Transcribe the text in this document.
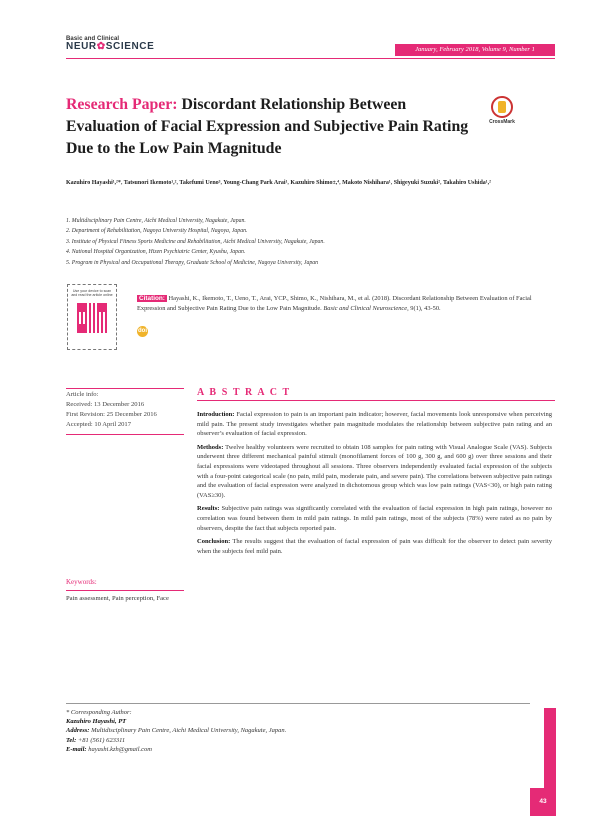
Basic and Clinical
NEUR✿SCIENCE	January, February 2018, Volume 9, Number 1
Research Paper: Discordant Relationship Between Evaluation of Facial Expression and Subjective Pain Rating Due to the Low Pain Magnitude
CrossMark
Kazuhiro Hayashi¹,²*, Tatsunori Ikemoto¹,², Takefumi Ueno³, Young-Chang Park Arai¹, Kazuhiro Shimo±,⁴, Makoto Nishihara¹, Shigeyuki Suzuki², Takahiro Ushida¹,²
1. Multidisciplinary Pain Centre, Aichi Medical University, Nagakute, Japan.
2. Department of Rehabilitation, Nagoya University Hospital, Nagoya, Japan.
3. Institute of Physical Fitness Sports Medicine and Rehabilitation, Aichi Medical University, Nagakute, Japan.
4. National Hospital Organization, Hizen Psychiatric Center, Kyushu, Japan.
5. Program in Physical and Occupational Therapy, Graduate School of Medicine, Nagoya University, Japan
Use your device to scan and read the article online	Citation: Hayashi, K., Ikemoto, T., Ueno, T., Arai, YCP., Shimo, K., Nishihara, M., et al. (2018). Discordant Relationship Between Evaluation of Facial Expression and Subjective Pain Rating Due to the Low Pain Magnitude. Basic and Clinical Neuroscience, 9(1), 43-50.
doi
Article info:
Received: 13 December 2016
First Revision: 25 December 2016
Accepted: 10 April 2017
Keywords:
Pain assessment, Pain perception, Face
A B S T R A C T

Introduction: Facial expression to pain is an important pain indicator; however, facial movements look unresponsive when perceiving mild pain. The present study investigates whether pain magnitude modulates the relationship between subjective pain rating and an observer’s evaluation of facial expression.

Methods: Twelve healthy volunteers were recruited to obtain 108 samples for pain rating with Visual Analogue Scale (VAS). Subjects underwent three different mechanical painful stimuli (monofilament forces of 100 g, 300 g, and 600 g) over three sessions and their facial expressions were videotaped throughout all sessions. Three observers independently evaluated facial expression of the subjects with a four-point categorical scale (no pain, mild pain, moderate pain, and severe pain). The correlations between subjective pain ratings and the evaluation of facial expression were analyzed in dichotomous group which was low pain ratings (VAS<30), or high pain rating (VAS≥30).

Results: Subjective pain ratings was significantly correlated with the evaluation of facial expression in high pain ratings, however no correlation was found between them in mild pain ratings. In mild pain ratings, most of the subjects (78%) were rated as no pain by observers, despite the fact that subjects reported pain.

Conclusion: The results suggest that the evaluation of facial expression of pain was difficult for the observer to detect pain severity when the subjects feel mild pain.

* Corresponding Author:
Kazuhiro Hayashi, PT
Address: Multidisciplinary Pain Centre, Aichi Medical University, Nagakute, Japan.
Tel: +81 (561) 623311
E-mail: hayashi.kzh@gmail.com
43
